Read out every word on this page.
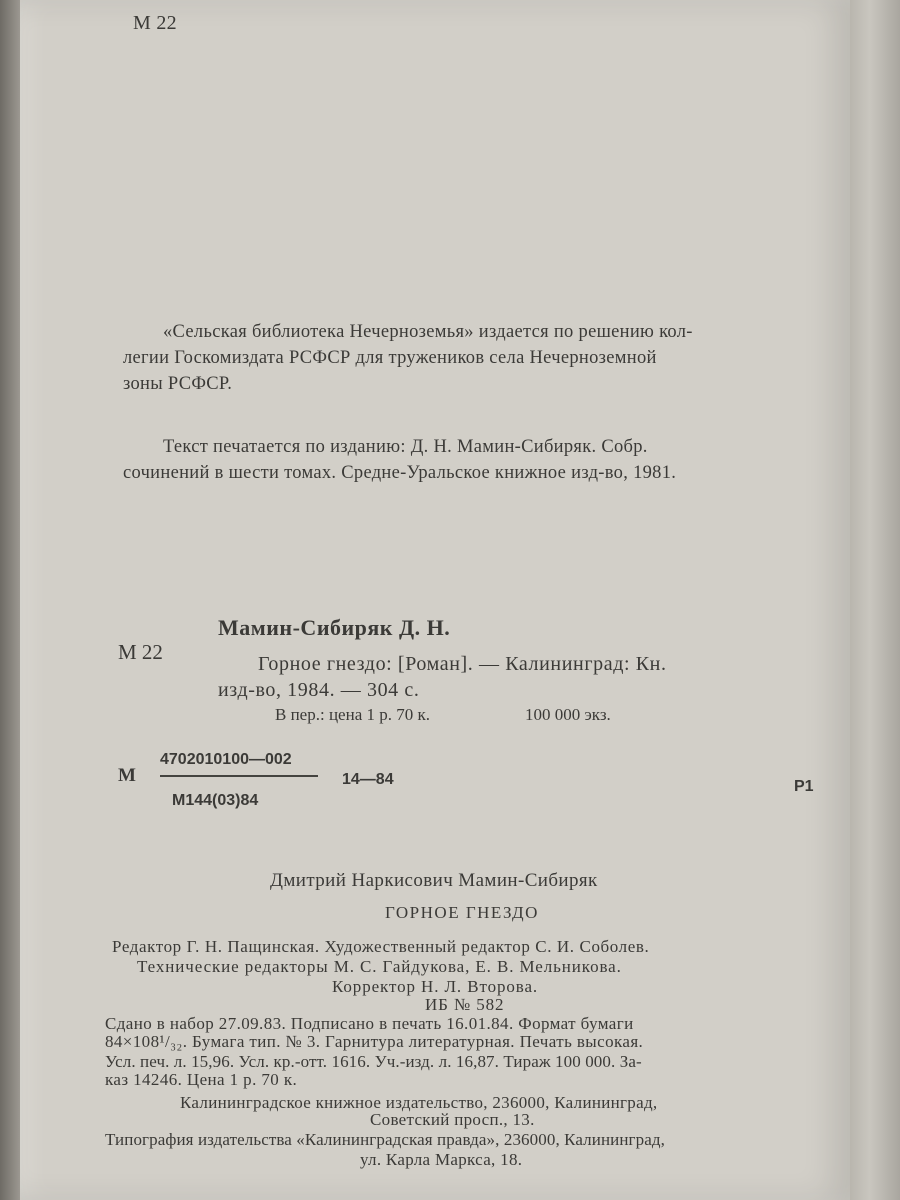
М 22

«Сельская библиотека Нечерноземья» издается по решению кол-

легии Госкомиздата РСФСР для тружеников села Нечерноземной

зоны РСФСР.

Текст печатается по изданию: Д. Н. Мамин-Сибиряк. Собр.

сочинений в шести томах. Средне-Уральское книжное изд-во, 1981.

Мамин-Сибиряк Д. Н.

М 22	Горное гнездо: [Роман]. — Калининград: Кн.

изд-во, 1984. — 304 с.

В пер.: цена 1 р. 70 к.	100 000 экз.

М

4702010100—002

М144(03)84

14—84	Р1

Дмитрий Наркисович Мамин-Сибиряк

ГОРНОЕ ГНЕЗДО

Редактор Г. Н. Пащинская. Художественный редактор С. И. Соболев.

Технические редакторы М. С. Гайдукова, Е. В. Мельникова.

Корректор Н. Л. Второва.

ИБ № 582

Сдано в набор 27.09.83. Подписано в печать 16.01.84. Формат бумаги

84×108¹/₃₂. Бумага тип. № 3. Гарнитура литературная. Печать высокая.

Усл. печ. л. 15,96. Усл. кр.-отт. 1616. Уч.-изд. л. 16,87. Тираж 100 000. За-

каз 14246. Цена 1 р. 70 к.

Калининградское книжное издательство, 236000, Калининград,

Советский просп., 13.

Типография издательства «Калининградская правда», 236000, Калининград,

ул. Карла Маркса, 18.
